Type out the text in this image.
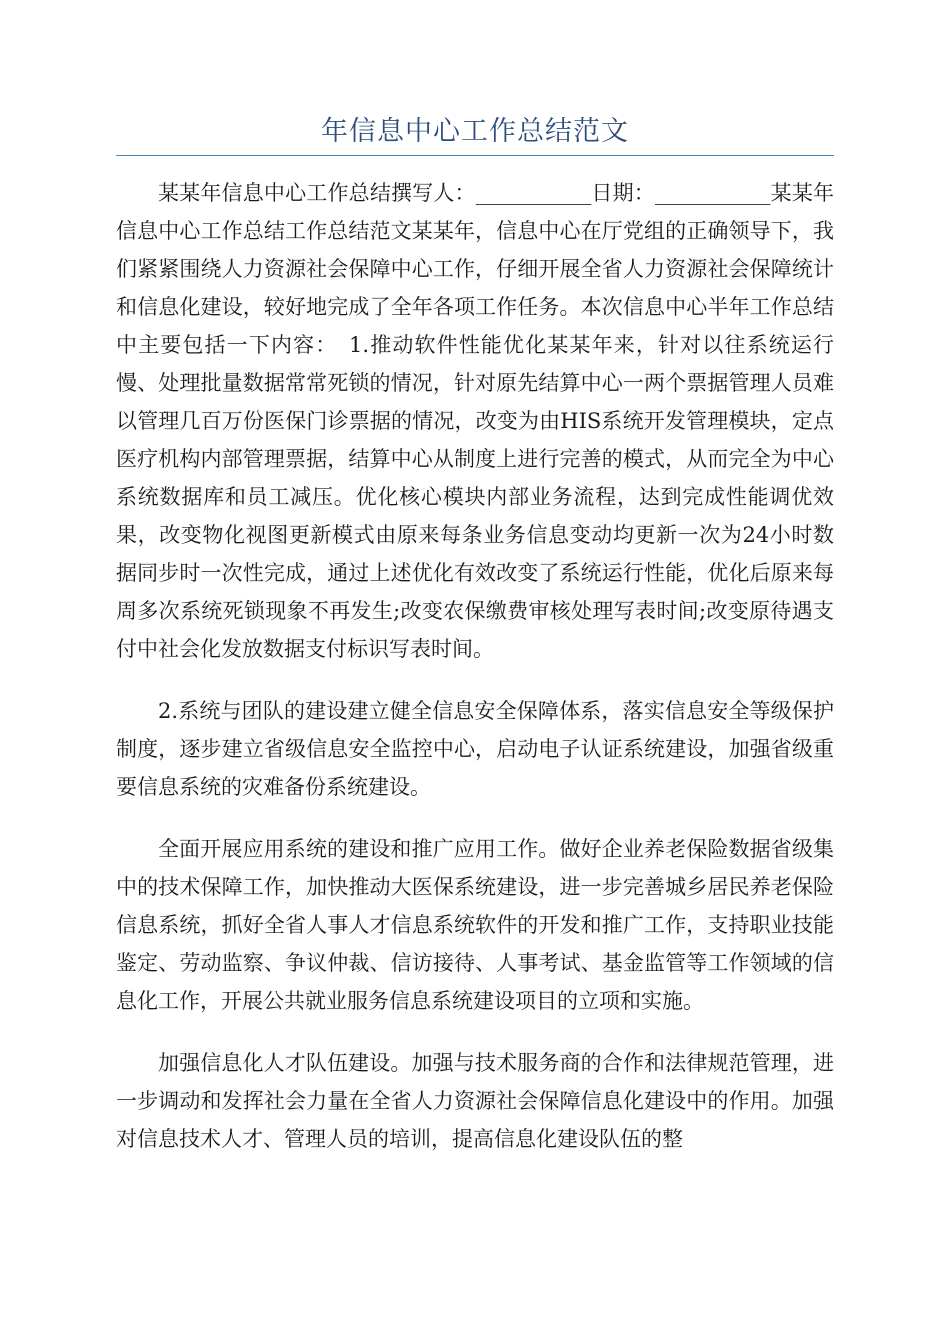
年信息中心工作总结范文

某某年信息中心工作总结撰写人：___________日期：___________某某年信息中心工作总结工作总结范文某某年，信息中心在厅党组的正确领导下，我们紧紧围绕人力资源社会保障中心工作，仔细开展全省人力资源社会保障统计和信息化建设，较好地完成了全年各项工作任务。本次信息中心半年工作总结中主要包括一下内容：　1.推动软件性能优化某某年来，针对以往系统运行慢、处理批量数据常常死锁的情况，针对原先结算中心一两个票据管理人员难以管理几百万份医保门诊票据的情况，改变为由HIS系统开发管理模块，定点医疗机构内部管理票据，结算中心从制度上进行完善的模式，从而完全为中心系统数据库和员工减压。优化核心模块内部业务流程，达到完成性能调优效果，改变物化视图更新模式由原来每条业务信息变动均更新一次为24小时数据同步时一次性完成，通过上述优化有效改变了系统运行性能，优化后原来每周多次系统死锁现象不再发生;改变农保缴费审核处理写表时间;改变原待遇支付中社会化发放数据支付标识写表时间。

2.系统与团队的建设建立健全信息安全保障体系，落实信息安全等级保护制度，逐步建立省级信息安全监控中心，启动电子认证系统建设，加强省级重要信息系统的灾难备份系统建设。

全面开展应用系统的建设和推广应用工作。做好企业养老保险数据省级集中的技术保障工作，加快推动大医保系统建设，进一步完善城乡居民养老保险信息系统，抓好全省人事人才信息系统软件的开发和推广工作，支持职业技能鉴定、劳动监察、争议仲裁、信访接待、人事考试、基金监管等工作领域的信息化工作，开展公共就业服务信息系统建设项目的立项和实施。

加强信息化人才队伍建设。加强与技术服务商的合作和法律规范管理，进一步调动和发挥社会力量在全省人力资源社会保障信息化建设中的作用。加强对信息技术人才、管理人员的培训，提高信息化建设队伍的整
